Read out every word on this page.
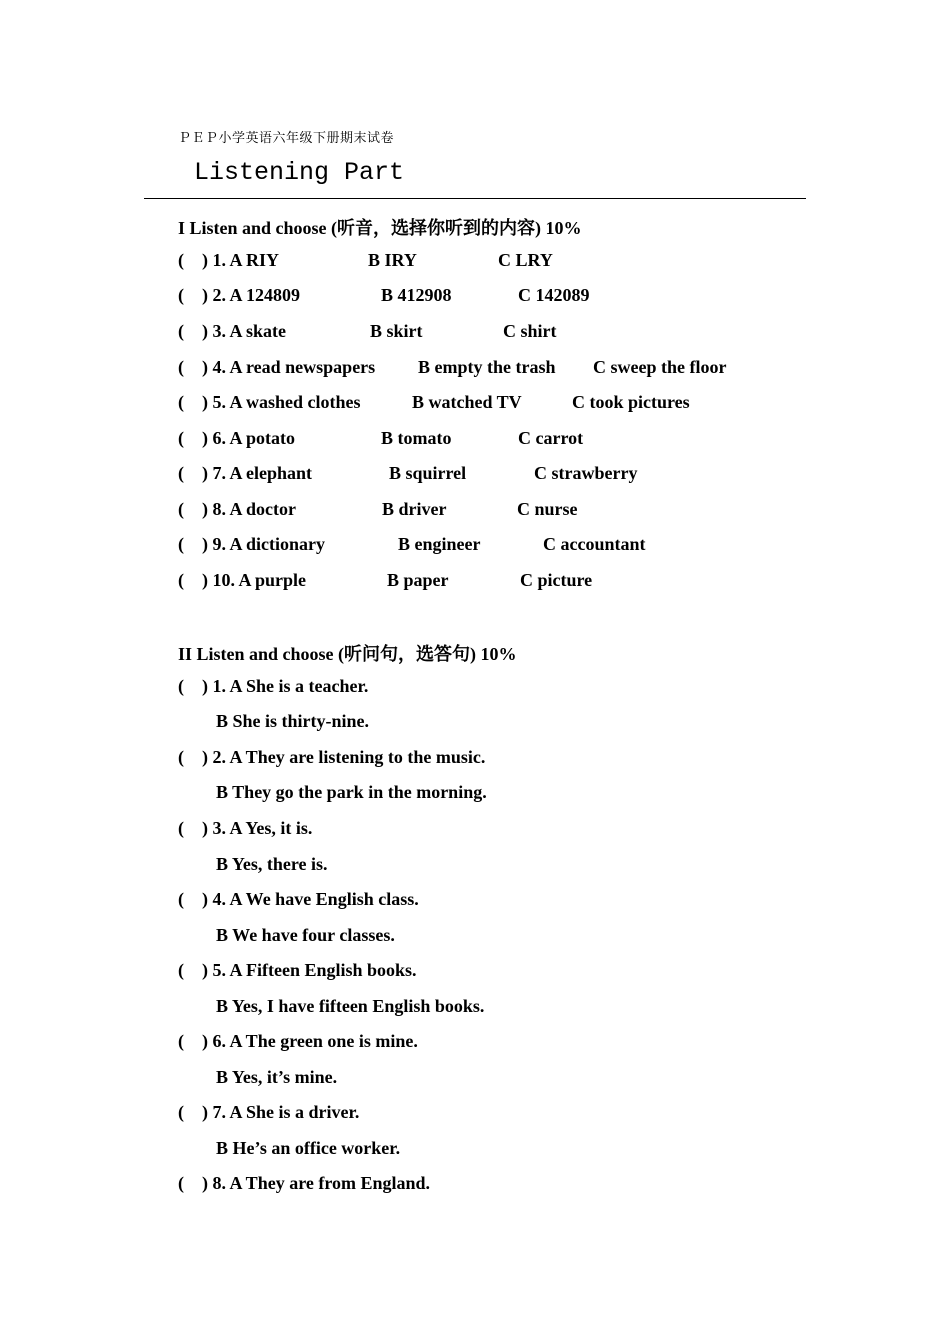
ＰＥＰ小学英语六年级下册期末试卷
Listening Part
I Listen and choose (听音，选择你听到的内容) 10%
( ) 1. A RIY	B IRY	C LRY
( ) 2. A 124809	B 412908	C 142089
( ) 3. A skate	B skirt	C shirt
( ) 4. A read newspapers B empty the trash C sweep the floor
( ) 5. A washed clothes	B watched TV	C took pictures
( ) 6. A potato	B tomato	C carrot
( ) 7. A elephant	B squirrel	C strawberry
( ) 8. A doctor	B driver	C nurse
( ) 9. A dictionary	B engineer	C accountant
( ) 10. A purple	B paper	C picture
II Listen and choose (听问句，选答句) 10%
( ) 1. A She is a teacher.
B She is thirty-nine.
( ) 2. A They are listening to the music.
B They go the park in the morning.
( ) 3. A Yes, it is.
B Yes, there is.
( ) 4. A We have English class.
B We have four classes.
( ) 5. A Fifteen English books.
B Yes, I have fifteen English books.
( ) 6. A The green one is mine.
B Yes, it’s mine.
( ) 7. A She is a driver.
B He’s an office worker.
( ) 8. A They are from England.
